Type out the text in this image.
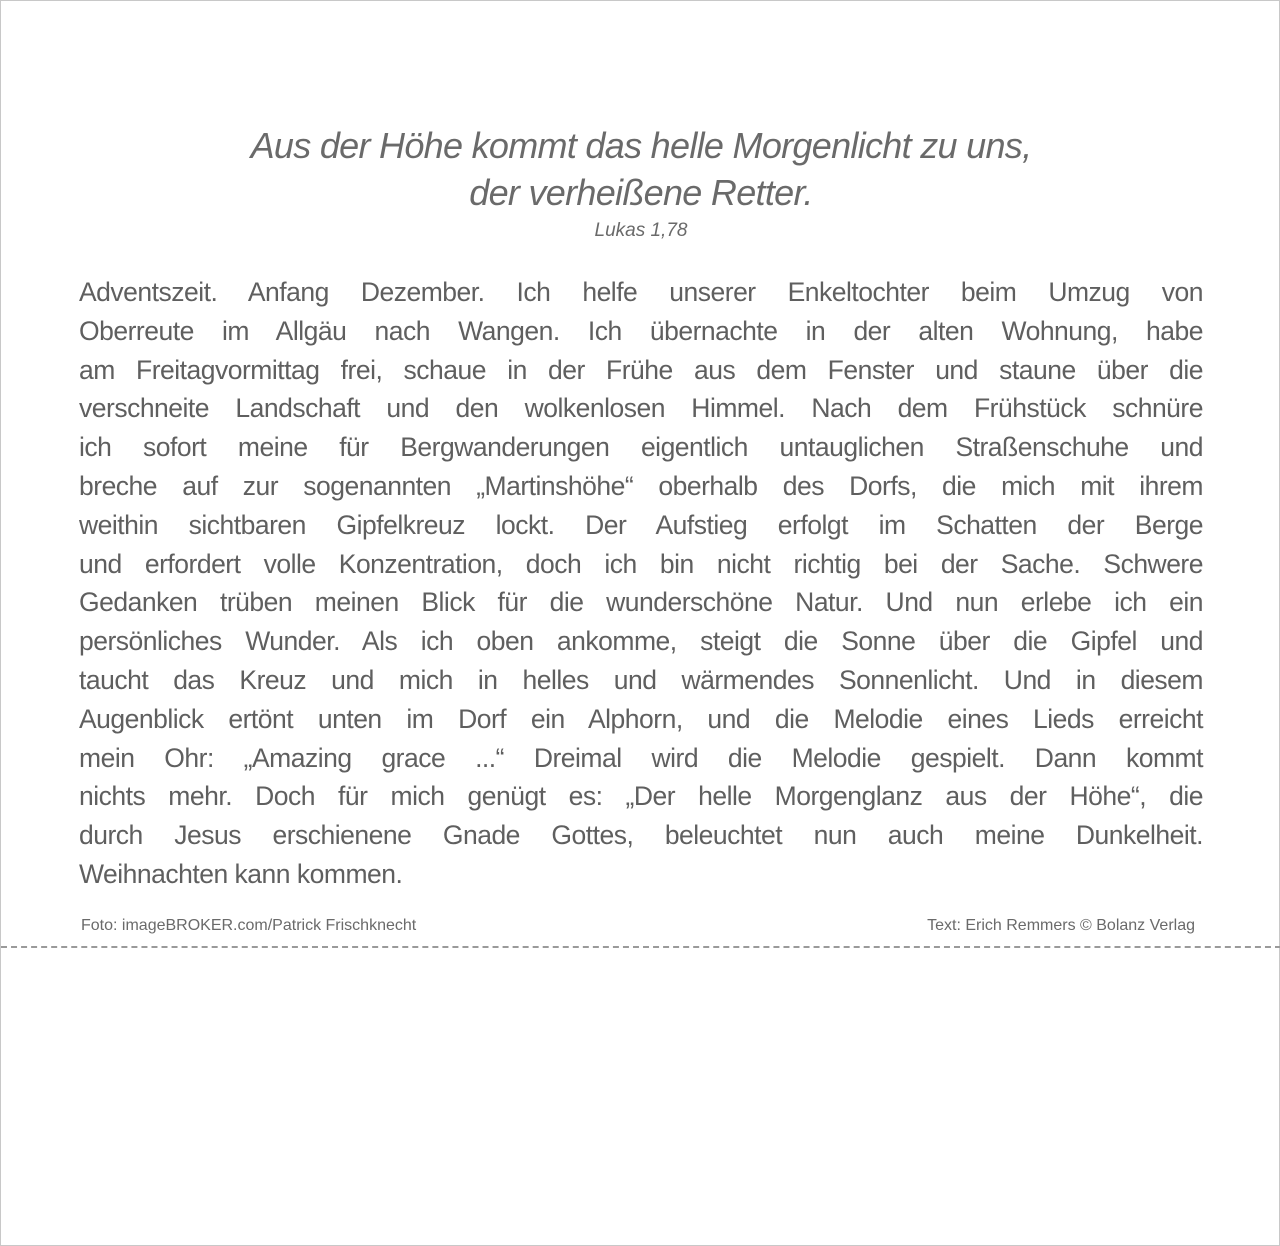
Aus der Höhe kommt das helle Morgenlicht zu uns,
der verheißene Retter.
Lukas 1,78
Adventszeit. Anfang Dezember. Ich helfe unserer Enkeltochter beim Umzug von
Oberreute im Allgäu nach Wangen. Ich übernachte in der alten Wohnung, habe
am Freitagvormittag frei, schaue in der Frühe aus dem Fenster und staune über die
verschneite Landschaft und den wolkenlosen Himmel. Nach dem Frühstück schnüre
ich sofort meine für Bergwanderungen eigentlich untauglichen Straßenschuhe und
breche auf zur sogenannten „Martinshöhe“ oberhalb des Dorfs, die mich mit ihrem
weithin sichtbaren Gipfelkreuz lockt. Der Aufstieg erfolgt im Schatten der Berge
und erfordert volle Konzentration, doch ich bin nicht richtig bei der Sache. Schwere
Gedanken trüben meinen Blick für die wunderschöne Natur. Und nun erlebe ich ein
persönliches Wunder. Als ich oben ankomme, steigt die Sonne über die Gipfel und
taucht das Kreuz und mich in helles und wärmendes Sonnenlicht. Und in diesem
Augenblick ertönt unten im Dorf ein Alphorn, und die Melodie eines Lieds erreicht
mein Ohr: „Amazing grace ...“ Dreimal wird die Melodie gespielt. Dann kommt
nichts mehr. Doch für mich genügt es: „Der helle Morgenglanz aus der Höhe“, die
durch Jesus erschienene Gnade Gottes, beleuchtet nun auch meine Dunkelheit.
Weihnachten kann kommen.
Foto: imageBROKER.com/Patrick Frischknecht	Text: Erich Remmers © Bolanz Verlag
